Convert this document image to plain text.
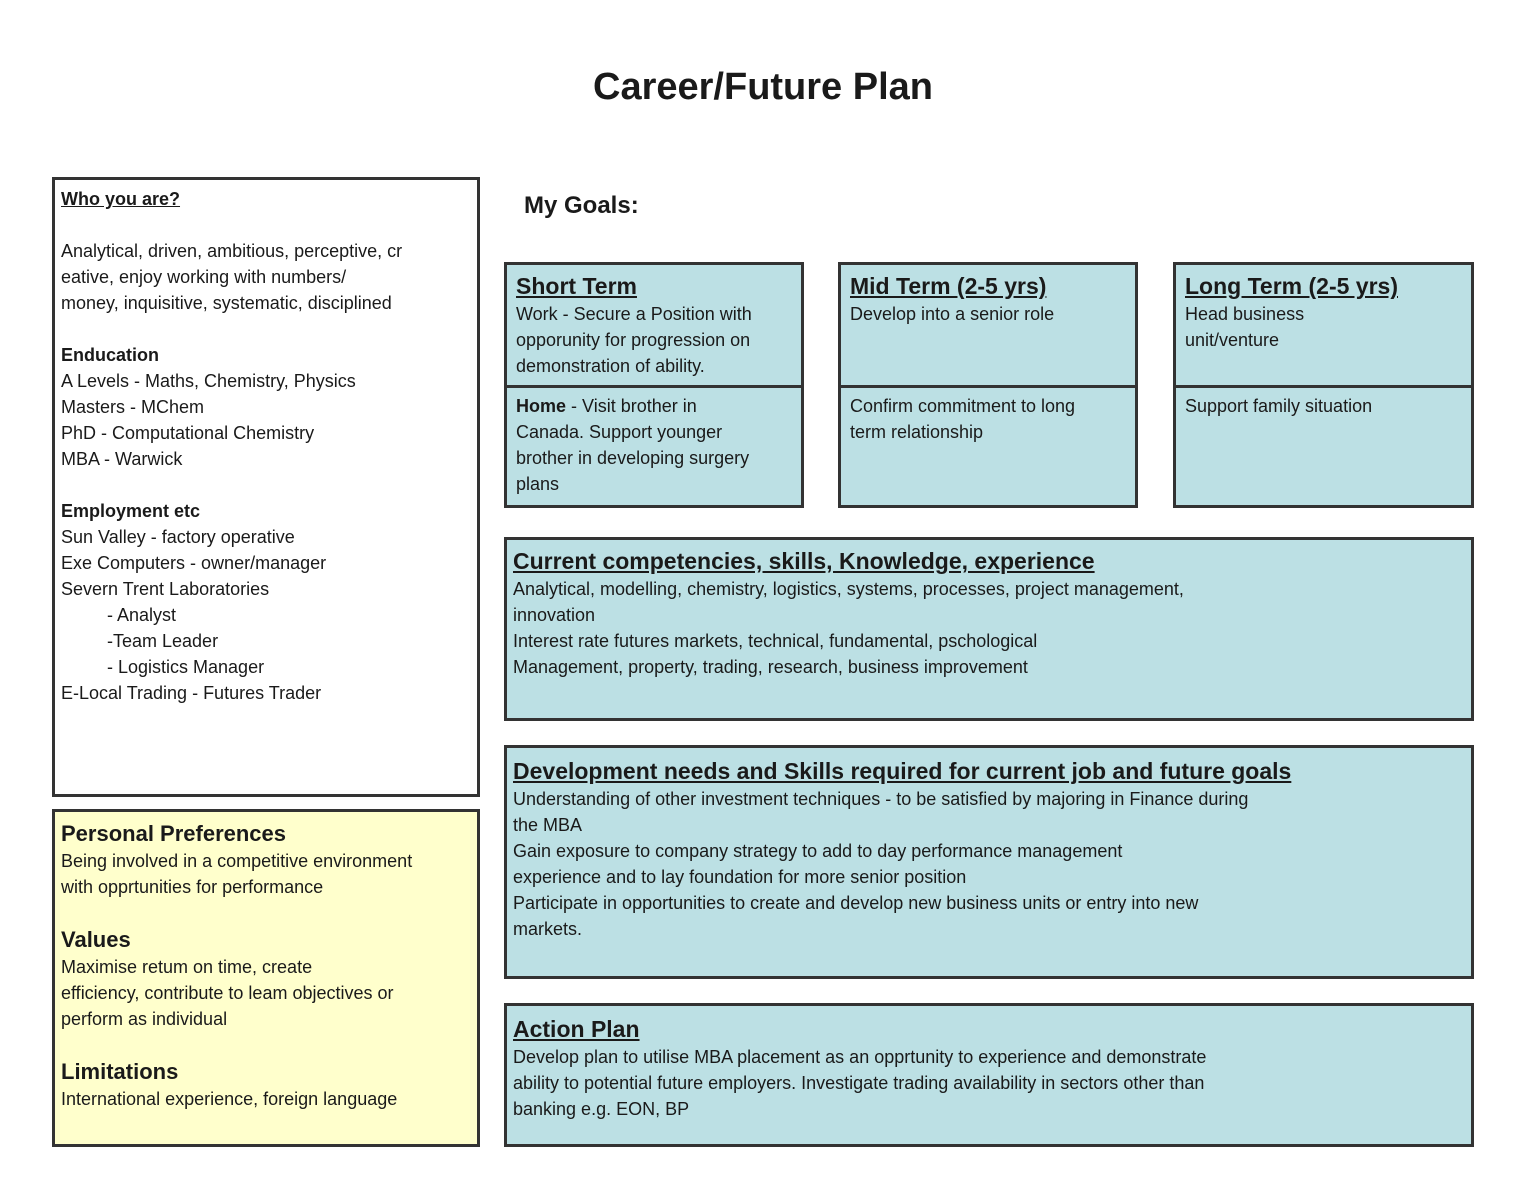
Career/Future Plan
Who you are?
Analytical, driven, ambitious, perceptive, cr
eative, enjoy working with numbers/
money, inquisitive, systematic, disciplined
Enducation
A Levels - Maths, Chemistry, Physics
Masters - MChem
PhD - Computational Chemistry
MBA - Warwick
Employment etc
Sun Valley - factory operative
Exe Computers - owner/manager
Severn Trent Laboratories
- Analyst
-Team Leader
- Logistics Manager
E-Local Trading - Futures Trader
Personal Preferences
Being involved in a competitive environment
with opprtunities for performance
Values
Maximise retum on time, create
efficiency, contribute to leam objectives or
perform as individual
Limitations
International experience, foreign language
My Goals:
Short Term
Work - Secure a Position with
opporunity for progression on
demonstration of ability.
Home - Visit brother in
Canada. Support younger
brother in developing surgery
plans
Mid Term (2-5 yrs)
Develop into a senior role
Confirm commitment to long
term relationship
Long Term (2-5 yrs)
Head business
unit/venture
Support family situation
Current competencies, skills, Knowledge, experience
Analytical, modelling, chemistry, logistics, systems, processes, project management,
innovation
Interest rate futures markets, technical, fundamental, pschological
Management, property, trading, research, business improvement
Development needs and Skills required for current job and future goals
Understanding of other investment techniques - to be satisfied by majoring in Finance during
the MBA
Gain exposure to company strategy to add to day performance management
experience and to lay foundation for more senior position
Participate in opportunities to create and develop new business units or entry into new
markets.
Action Plan
Develop plan to utilise MBA placement as an opprtunity to experience and demonstrate
ability to potential future employers. Investigate trading availability in sectors other than
banking e.g. EON, BP
